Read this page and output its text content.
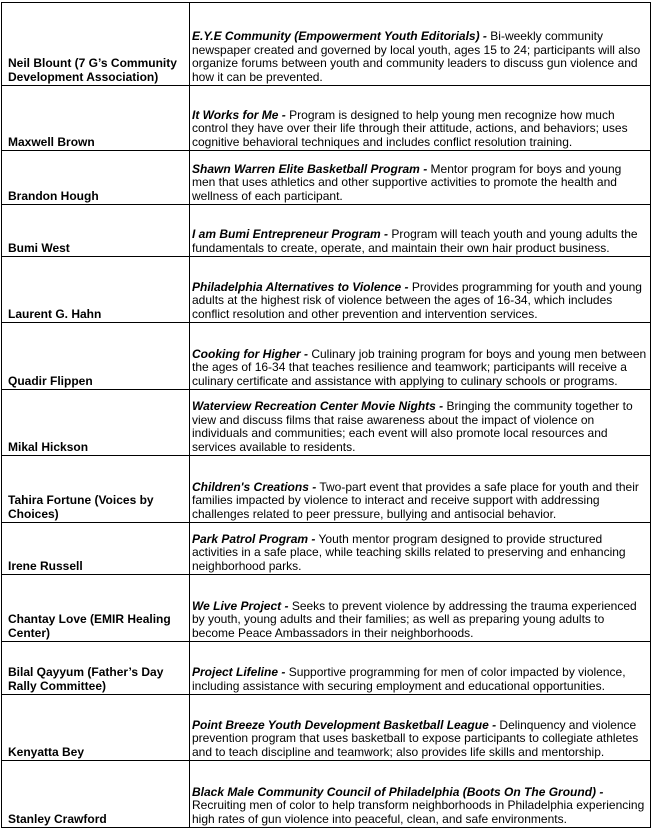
Neil Blount (7 G’s Community Development Association)	E.Y.E Community (Empowerment Youth Editorials) - Bi-weekly community newspaper created and governed by local youth, ages 15 to 24; participants will also organize forums between youth and community leaders to discuss gun violence and how it can be prevented.
Maxwell Brown	It Works for Me - Program is designed to help young men recognize how much control they have over their life through their attitude, actions, and behaviors; uses cognitive behavioral techniques and includes conflict resolution training.
Brandon Hough	Shawn Warren Elite Basketball Program - Mentor program for boys and young men that uses athletics and other supportive activities to promote the health and wellness of each participant.
Bumi West	I am Bumi Entrepreneur Program - Program will teach youth and young adults the fundamentals to create, operate, and maintain their own hair product business.
Laurent G. Hahn	Philadelphia Alternatives to Violence - Provides programming for youth and young adults at the highest risk of violence between the ages of 16-34, which includes conflict resolution and other prevention and intervention services.
Quadir Flippen	Cooking for Higher - Culinary job training program for boys and young men between the ages of 16-34 that teaches resilience and teamwork; participants will receive a culinary certificate and assistance with applying to culinary schools or programs.
Mikal Hickson	Waterview Recreation Center Movie Nights - Bringing the community together to view and discuss films that raise awareness about the impact of violence on individuals and communities; each event will also promote local resources and services available to residents.
Tahira Fortune (Voices by Choices)	Children's Creations - Two-part event that provides a safe place for youth and their families impacted by violence to interact and receive support with addressing challenges related to peer pressure, bullying and antisocial behavior.
Irene Russell	Park Patrol Program - Youth mentor program designed to provide structured activities in a safe place, while teaching skills related to preserving and enhancing neighborhood parks.
Chantay Love (EMIR Healing Center)	We Live Project - Seeks to prevent violence by addressing the trauma experienced by youth, young adults and their families; as well as preparing young adults to become Peace Ambassadors in their neighborhoods.
Bilal Qayyum (Father’s Day Rally Committee)	Project Lifeline - Supportive programming for men of color impacted by violence, including assistance with securing employment and educational opportunities.
Kenyatta Bey	Point Breeze Youth Development Basketball League - Delinquency and violence prevention program that uses basketball to expose participants to collegiate athletes and to teach discipline and teamwork; also provides life skills and mentorship.
Stanley Crawford	Black Male Community Council of Philadelphia (Boots On The Ground) - Recruiting men of color to help transform neighborhoods in Philadelphia experiencing high rates of gun violence into peaceful, clean, and safe environments.
